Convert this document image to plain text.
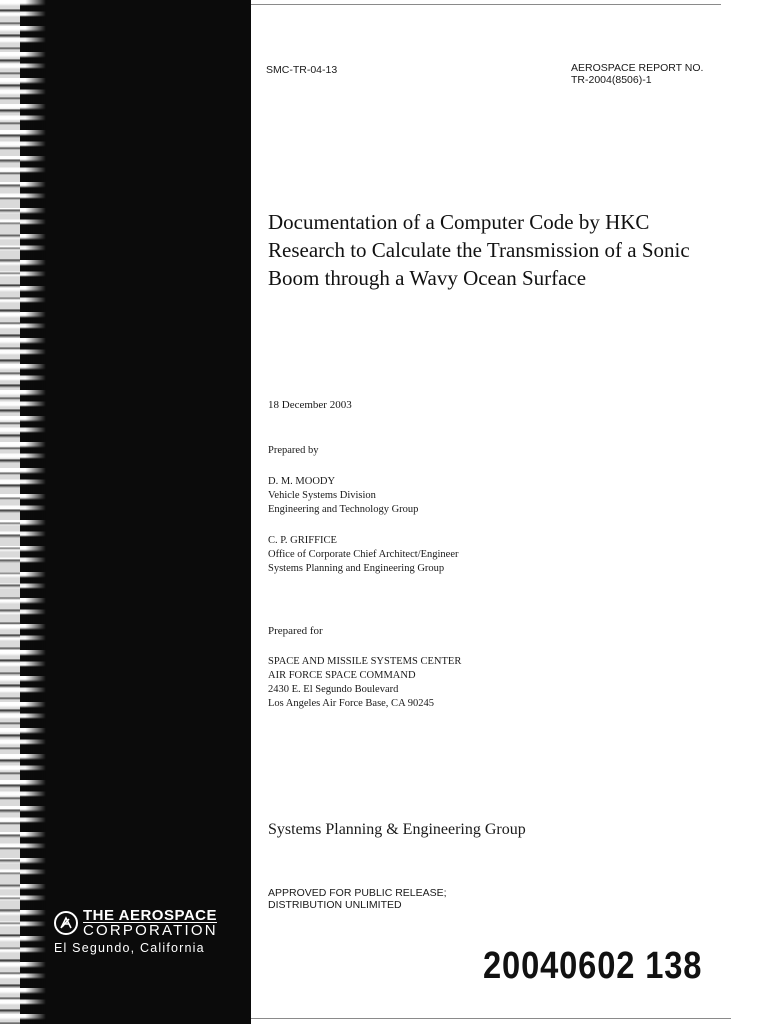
SMC-TR-04-13	AEROSPACE REPORT NO.
TR-2004(8506)-1
Documentation of a Computer Code by HKC
Research to Calculate the Transmission of a Sonic
Boom through a Wavy Ocean Surface
18 December 2003
Prepared by
D. M. MOODY
Vehicle Systems Division
Engineering and Technology Group
C. P. GRIFFICE
Office of Corporate Chief Architect/Engineer
Systems Planning and Engineering Group
Prepared for
SPACE AND MISSILE SYSTEMS CENTER
AIR FORCE SPACE COMMAND
2430 E. El Segundo Boulevard
Los Angeles Air Force Base, CA 90245
Systems Planning & Engineering Group
APPROVED FOR PUBLIC RELEASE;
DISTRIBUTION UNLIMITED
20040602 138
THE AEROSPACE
CORPORATION
El Segundo, California
